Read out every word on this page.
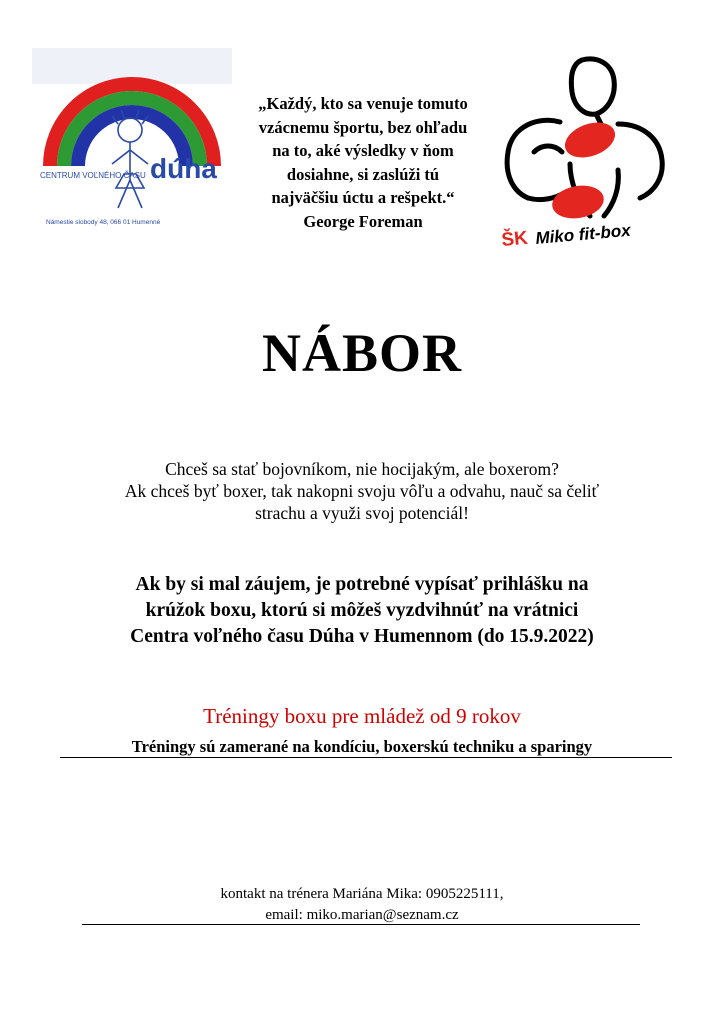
CENTRUM VOĽNÉHO ČASU dúha
Námestie slobody 48, 066 01 Humenné
„Každý, kto sa venuje tomuto
vzácnemu športu, bez ohľadu
na to, aké výsledky v ňom
dosiahne, si zaslúži tú
najväčšiu úctu a rešpekt.“
George Foreman
ŠK Miko fit-box
NÁBOR
Chceš sa stať bojovníkom, nie hocijakým, ale boxerom?
Ak chceš byť boxer, tak nakopni svoju vôľu a odvahu, nauč sa čeliť
strachu a využi svoj potenciál!
Ak by si mal záujem, je potrebné vypísať prihlášku na
krúžok boxu, ktorú si môžeš vyzdvihnúť na vrátnici
Centra voľného času Dúha v Humennom (do 15.9.2022)
Tréningy boxu pre mládež od 9 rokov
Tréningy sú zamerané na kondíciu, boxerskú techniku a sparingy
kontakt na trénera Mariána Mika: 0905225111,
email: miko.marian@seznam.cz
